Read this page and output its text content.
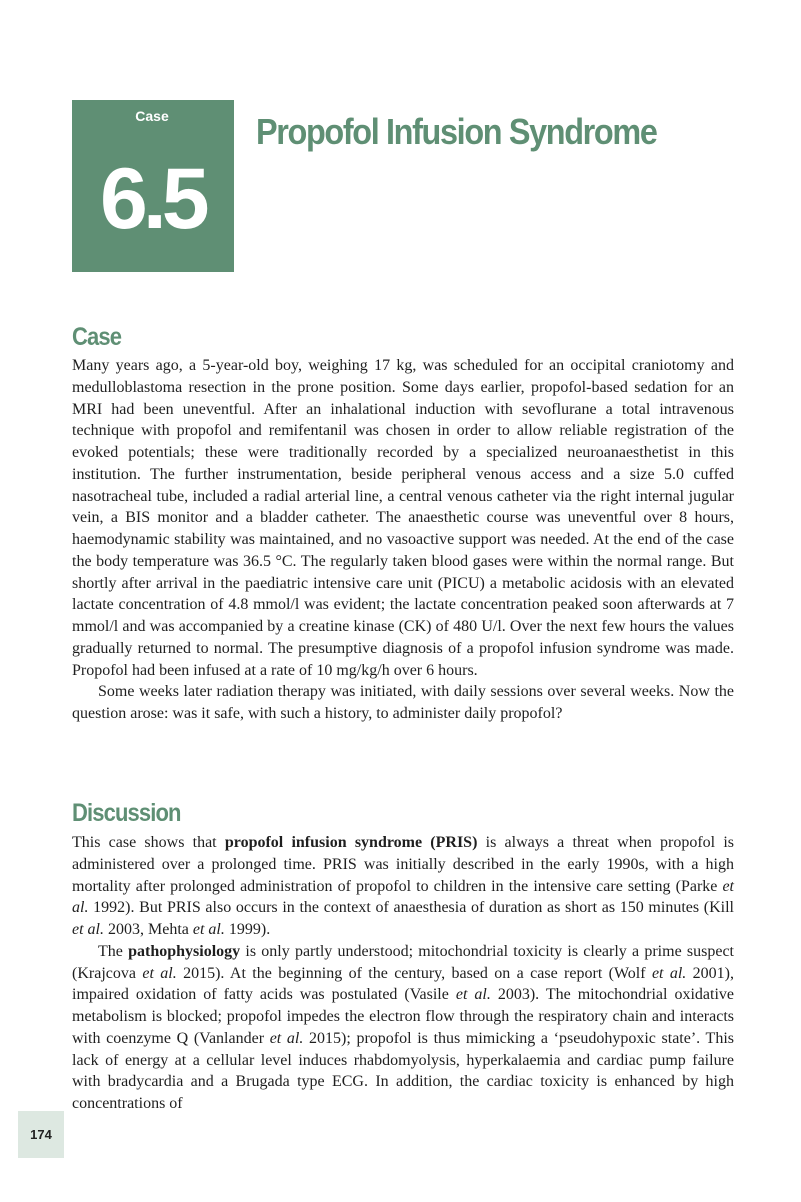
Case
6.5
Propofol Infusion Syndrome
Case

Many years ago, a 5-year-old boy, weighing 17 kg, was scheduled for an occipital craniotomy and medulloblastoma resection in the prone position. Some days earlier, propofol-based sedation for an MRI had been uneventful. After an inhalational induction with sevoflurane a total intravenous technique with propofol and remifentanil was chosen in order to allow reliable registration of the evoked potentials; these were traditionally recorded by a specialized neuroanaesthetist in this institution. The further instrumentation, beside peripheral venous access and a size 5.0 cuffed nasotracheal tube, included a radial arterial line, a central venous catheter via the right internal jugular vein, a BIS monitor and a bladder catheter. The anaesthetic course was uneventful over 8 hours, haemodynamic stability was maintained, and no vasoactive support was needed. At the end of the case the body temperature was 36.5 °C. The regularly taken blood gases were within the normal range. But shortly after arrival in the paediatric intensive care unit (PICU) a metabolic acidosis with an elevated lactate concentration of 4.8 mmol/l was evident; the lactate concentration peaked soon afterwards at 7 mmol/l and was accompanied by a creatine kinase (CK) of 480 U/l. Over the next few hours the values gradually returned to normal. The presumptive diagnosis of a propofol infusion syndrome was made. Propofol had been infused at a rate of 10 mg/kg/h over 6 hours.

Some weeks later radiation therapy was initiated, with daily sessions over several weeks. Now the question arose: was it safe, with such a history, to administer daily propofol?

Discussion

This case shows that propofol infusion syndrome (PRIS) is always a threat when propofol is administered over a prolonged time. PRIS was initially described in the early 1990s, with a high mortality after prolonged administration of propofol to children in the intensive care setting (Parke et al. 1992). But PRIS also occurs in the context of anaesthesia of duration as short as 150 minutes (Kill et al. 2003, Mehta et al. 1999).

The pathophysiology is only partly understood; mitochondrial toxicity is clearly a prime suspect (Krajcova et al. 2015). At the beginning of the century, based on a case report (Wolf et al. 2001), impaired oxidation of fatty acids was postulated (Vasile et al. 2003). The mitochondrial oxidative metabolism is blocked; propofol impedes the electron flow through the respiratory chain and interacts with coenzyme Q (Vanlander et al. 2015); propofol is thus mimicking a ‘pseudohypoxic state’. This lack of energy at a cellular level induces rhabdomyolysis, hyperkalaemia and cardiac pump failure with bradycardia and a Brugada type ECG. In addition, the cardiac toxicity is enhanced by high concentrations of

174
